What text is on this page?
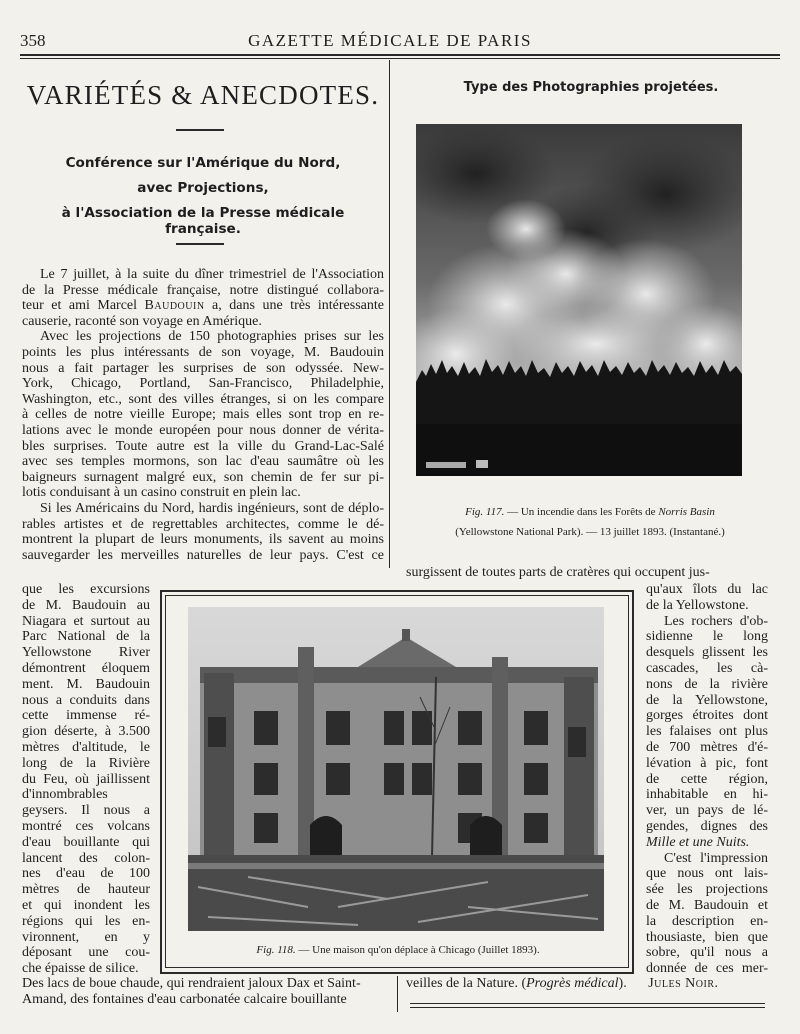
358	GAZETTE MÉDICALE DE PARIS
VARIÉTÉS & ANECDOTES.
Conférence sur l'Amérique du Nord,
avec Projections,
à l'Association de la Presse médicale française.
Le 7 juillet, à la suite du dîner trimestriel de l'Association
de la Presse médicale française, notre distingué collabora-
teur et ami Marcel Baudouin a, dans une très intéressante
causerie, raconté son voyage en Amérique.
Avec les projections de 150 photographies prises sur les
points les plus intéressants de son voyage, M. Baudouin
nous a fait partager les surprises de son odyssée. New-
York, Chicago, Portland, San-Francisco, Philadelphie,
Washington, etc., sont des villes étranges, si on les compare
à celles de notre vieille Europe; mais elles sont trop en re-
lations avec le monde européen pour nous donner de vérita-
bles surprises. Toute autre est la ville du Grand-Lac-Salé
avec ses temples mormons, son lac d'eau saumâtre où les
baigneurs surnagent malgré eux, son chemin de fer sur pi-
lotis conduisant à un casino construit en plein lac.
Si les Américains du Nord, hardis ingénieurs, sont de déplo-
rables artistes et de regrettables architectes, comme le dé-
montrent la plupart de leurs monuments, ils savent au moins
sauvegarder les merveilles naturelles de leur pays. C'est ce
Type des Photographies projetées.
Fig. 117. — Un incendie dans les Forêts de Norris Basin
(Yellowstone National Park). — 13 juillet 1893. (Instantané.)
surgissent de toutes parts de cratères qui occupent jus-
Fig. 118. — Une maison qu'on déplace à Chicago (Juillet 1893).
que les excursions
de M. Baudouin au
Niagara et surtout au
Parc National de la
Yellowstone River
démontrent éloquem
ment. M. Baudouin
nous a conduits dans
cette immense ré-
gion déserte, à 3.500
mètres d'altitude, le
long de la Rivière
du Feu, où jaillissent
d'innombrables
geysers. Il nous a
montré ces volcans
d'eau bouillante qui
lancent des colon-
nes d'eau de 100
mètres de hauteur
et qui inondent les
régions qui les en-
vironnent, en y
déposant une cou-
che épaisse de silice.
qu'aux îlots du lac
de la Yellowstone.
Les rochers d'ob-
sidienne le long
desquels glissent les
cascades, les cà-
nons de la rivière
de la Yellowstone,
gorges étroites dont
les falaises ont plus
de 700 mètres d'é-
lévation à pic, font
de cette région,
inhabitable en hi-
ver, un pays de lé-
gendes, dignes des
Mille et une Nuits.
C'est l'impression
que nous ont lais-
sée les projections
de M. Baudouin et
la description en-
thousiaste, bien que
sobre, qu'il nous a
donnée de ces mer-
Des lacs de boue chaude, qui rendraient jaloux Dax et Saint-
Amand, des fontaines d'eau carbonatée calcaire bouillante
veilles de la Nature. (Progrès médical). Jules Noir.
